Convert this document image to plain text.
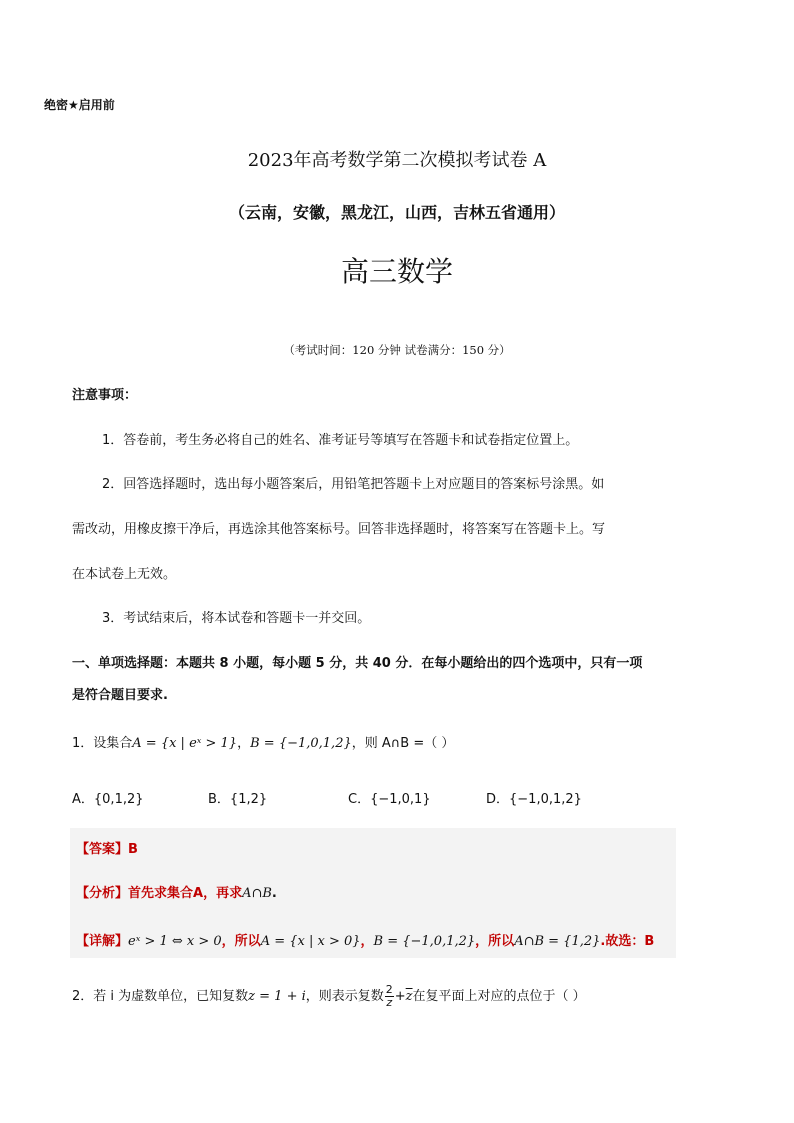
绝密★启用前
2023年高考数学第二次模拟考试卷 A
（云南，安徽，黑龙江，山西，吉林五省通用）
高三数学
（考试时间：120 分钟 试卷满分：150 分）
注意事项：
1．答卷前，考生务必将自己的姓名、准考证号等填写在答题卡和试卷指定位置上。
2．回答选择题时，选出每小题答案后，用铅笔把答题卡上对应题目的答案标号涂黑。如
需改动，用橡皮擦干净后，再选涂其他答案标号。回答非选择题时，将答案写在答题卡上。写
在本试卷上无效。
3．考试结束后，将本试卷和答题卡一并交回。
一、单项选择题：本题共 8 小题，每小题 5 分，共 40 分．在每小题给出的四个选项中，只有一项
是符合题目要求.
1．设集合A = {x | eˣ > 1}，B = {−1,0,1,2}，则 A∩B =（ ）
A．{0,1,2}	B．{1,2}	C．{−1,0,1}	D．{−1,0,1,2}
【答案】B
【分析】首先求集合A，再求A∩B.
【详解】eˣ > 1 ⇔ x > 0，所以A = {x | x > 0}，B = {−1,0,1,2}，所以A∩B = {1,2}.故选：B
2．若 i 为虚数单位，已知复数z = 1 + i，则表示复数 $\frac{2}{z} +\overline{z}$在复平面上对应的点位于（ ）
